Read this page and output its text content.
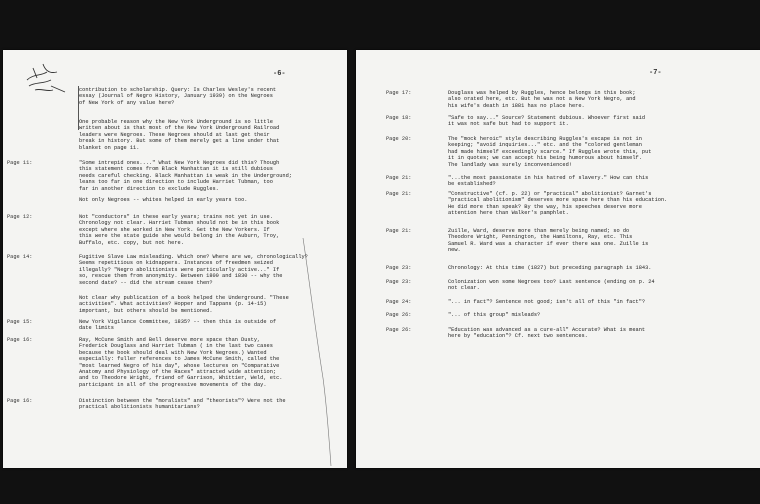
-6-
contribution to scholarship. Query: Is Charles Wesley's recent
essay (Journal of Negro History, January 1939) on the Negroes
of New York of any value here?
One probable reason why the New York Underground is so little
written about is that most of the New York Underground Railroad
leaders were Negroes. These Negroes should at last get their
break in history. But some of them merely get a line under that
blanket on page 11.
Page 11:	"Some intrepid ones...." What New York Negroes did this? Though
this statement comes from Black Manhattan it is still dubious
needs careful checking. Black Manhattan is weak in the Underground;
leans too far in one direction to include Harriet Tubman, too
far in another direction to exclude Ruggles.
Not only Negroes -- whites helped in early years too.
Page 12:	Not "conductors" in these early years; trains not yet in use.
Chronology not clear. Harriet Tubman should not be in this book
except where she worked in New York. Get the New Yorkers. If
this were the state guide she would belong in the Auburn, Troy,
Buffalo, etc. copy, but not here.
Page 14:	Fugitive Slave Law misleading. Which one? Where are we, chronologically?
Seems repetitious on kidnappers. Instances of freedmen seized
illegally? "Negro abolitionists were particularly active..." If
so, rescue them from anonymity. Between 1800 and 1830 -- why the
second date? -- did the stream cease then?
Not clear why publication of a book helped the Underground. "These
activities". What activities? Hopper and Tappans (p. 14-15)
important, but others should be mentioned.
Page 15:	New York Vigilance Committee, 1835? -- then this is outside of
date limits
Page 16:	Ray, McCune Smith and Bell deserve more space than Dusty,
Frederick Douglass and Harriet Tubman ( in the last two cases
because the book should deal with New York Negroes.) Wanted
especially: fuller references to James McCune Smith, called the
"most learned Negro of his day", whose lectures on "Comparative
Anatomy and Physiology of the Races" attracted wide attention;
and to Theodore Wright, friend of Garrison, Whittier, Weld, etc.
participant in all of the progressive movements of the day.
Page 16:	Distinction between the "moralists" and "theorists"? Were not the
practical abolitionists humanitarians?
-7-
Page 17:	Douglass was helped by Ruggles, hence belongs in this book;
also orated here, etc. But he was not a New York Negro, and
his wife's death in 1881 has no place here.
Page 18:	"Safe to say..." Source? Statement dubious. Whoever first said
it was not safe but had to support it.
Page 20:	The "mock heroic" style describing Ruggles's escape is not in
keeping; "avoid inquiries..." etc. and the "colored gentleman
had made himself exceedingly scarce." If Ruggles wrote this, put
it in quotes; we can accept his being humorous about himself.
The landlady was surely inconvenienced!
Page 21:	"...the most passionate in his hatred of slavery." How can this
be established?
Page 21:	"Constructive" (cf. p. 22) or "practical" abolitionist? Garnet's
"practical abolitionism" deserves more space here than his education.
He did more than speak? By the way, his speeches deserve more
attention here than Walker's pamphlet.
Page 21:	Zuille, Ward, deserve more than merely being named; so do
Theodore Wright, Pennington, the Hamiltons, Ray, etc. This
Samuel R. Ward was a character if ever there was one. Zuille is
new.
Page 23:	Chronology: At this time (1827) but preceding paragraph is 1843.
Page 23:	Colonization won some Negroes too? Last sentence (ending on p. 24
not clear.
Page 24:	"... in fact"? Sentence not good; isn't all of this "in fact"?
Page 26:	"... of this group" misleads?
Page 26:	"Education was advanced as a cure-all" Accurate? What is meant
here by "education"? Cf. next two sentences.
